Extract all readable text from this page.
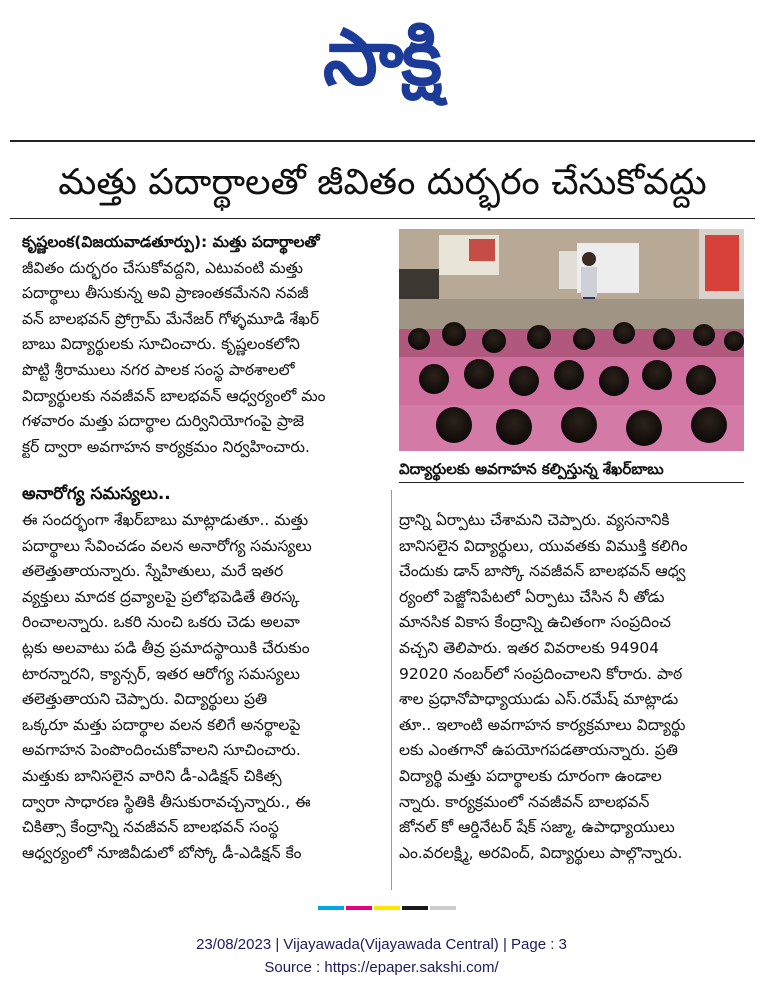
సాక్షి
మత్తు పదార్థాలతో జీవితం దుర్భరం చేసుకోవద్దు
కృష్ణలంక(విజయవాడతూర్పు): మత్తు పదార్థాలతో
జీవితం దుర్భరం చేసుకోవద్దని, ఎటువంటి మత్తు
పదార్థాలు తీసుకున్న అవి ప్రాణంతకమేనని నవజీ
వన్ బాలభవన్ ప్రోగ్రామ్ మేనేజర్ గోళ్ళమూడి శేఖర్
బాబు విద్యార్థులకు సూచించారు. కృష్ణలంకలోని
పొట్టి శ్రీరాములు నగర పాలక సంస్థ పాఠశాలలో
విద్యార్థులకు నవజీవన్ బాలభవన్ ఆధ్వర్యంలో మం
గళవారం మత్తు పదార్థాల దుర్వినియోగంపై ప్రాజె
క్టర్ ద్వారా అవగాహన కార్యక్రమం నిర్వహించారు.
అనారోగ్య సమస్యలు..
ఈ సందర్భంగా శేఖర్‌బాబు మాట్లాడుతూ.. మత్తు
పదార్థాలు సేవించడం వలన అనారోగ్య సమస్యలు
తలెత్తుతాయన్నారు. స్నేహితులు, మరే ఇతర
వ్యక్తులు మాదక ద్రవ్యాలపై ప్రలోభపెడితే తిరస్క
రించాలన్నారు. ఒకరి నుంచి ఒకరు చెడు అలవా
ట్లకు అలవాటు పడి తీవ్ర ప్రమాదస్థాయికి చేరుకుం
టారన్నారని, క్యాన్సర్, ఇతర ఆరోగ్య సమస్యలు
తలెత్తుతాయని చెప్పారు. విద్యార్థులు ప్రతి
ఒక్కరూ మత్తు పదార్థాల వలన కలిగే అనర్థాలపై
అవగాహన పెంపొందించుకోవాలని సూచించారు.
మత్తుకు బానిసలైన వారిని డీ-ఎడిక్షన్ చికిత్స
ద్వారా సాధారణ స్థితికి తీసుకురావచ్చన్నారు., ఈ
చికిత్సా కేంద్రాన్ని నవజీవన్ బాలభవన్ సంస్థ
ఆధ్వర్యంలో నూజివీడులో బోస్కో డీ-ఎడిక్షన్ కేం
విద్యార్థులకు అవగాహన కల్పిస్తున్న శేఖర్‌బాబు
ద్రాన్ని ఏర్పాటు చేశామని చెప్పారు. వ్యసనానికి
బానిసలైన విద్యార్థులు, యువతకు విముక్తి కలిగిం
చేందుకు డాన్ బాస్కో నవజీవన్ బాలభవన్ ఆధ్వ
ర్యంలో పెజ్జోనిపేటలో ఏర్పాటు చేసిన నీ తోడు
మానసిక వికాస కేంద్రాన్ని ఉచితంగా సంప్రదించ
వచ్చని తెలిపారు. ఇతర వివరాలకు 94904
92020 నంబర్‌లో సంప్రదించాలని కోరారు. పాఠ
శాల ప్రధానోపాధ్యాయుడు ఎస్.రమేష్ మాట్లాడు
తూ.. ఇలాంటి అవగాహన కార్యక్రమాలు విద్యార్థు
లకు ఎంతగానో ఉపయోగపడతాయన్నారు. ప్రతి
విద్యార్థి మత్తు పదార్థాలకు దూరంగా ఉండాల
న్నారు. కార్యక్రమంలో నవజీవన్ బాలభవన్
జోనల్ కో ఆర్డినేటర్ షేక్ సజ్మా, ఉపాధ్యాయులు
ఎం.వరలక్ష్మి, అరవింద్, విద్యార్థులు పాల్గొన్నారు.
23/08/2023 | Vijayawada(Vijayawada Central) | Page : 3
Source : https://epaper.sakshi.com/
